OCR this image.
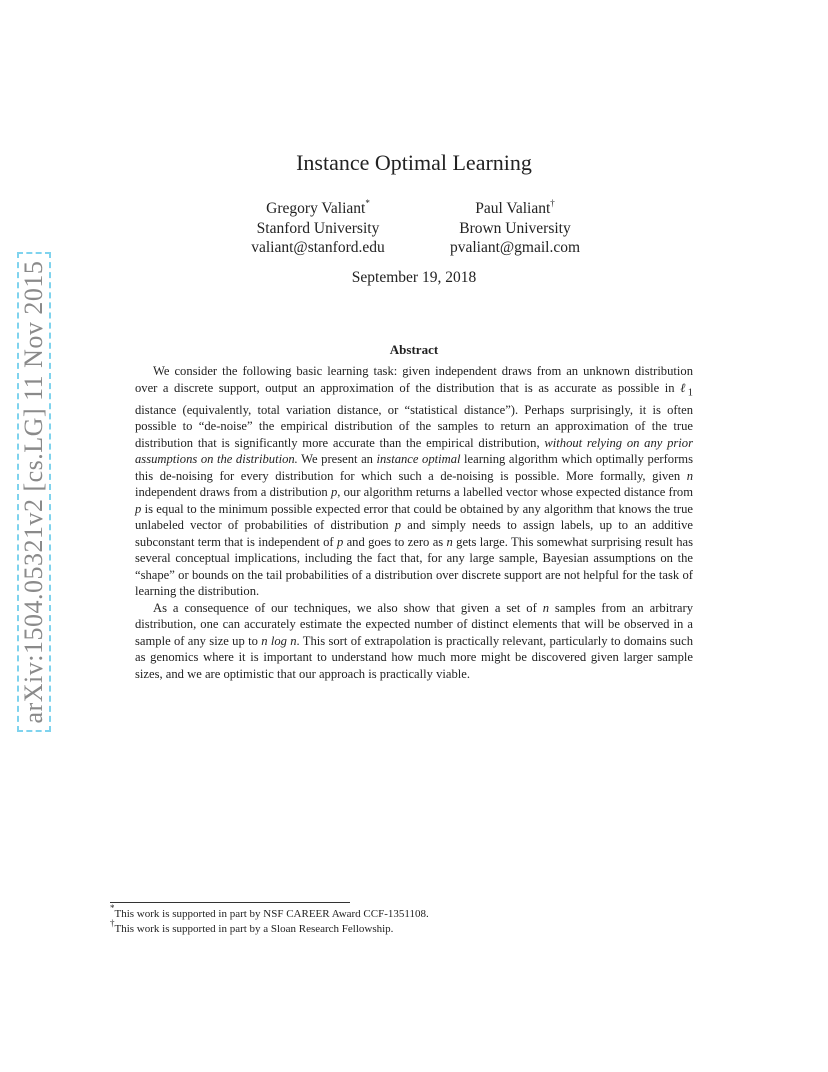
arXiv:1504.05321v2 [cs.LG] 11 Nov 2015
Instance Optimal Learning
Gregory Valiant*
Stanford University
valiant@stanford.edu
Paul Valiant†
Brown University
pvaliant@gmail.com
September 19, 2018
Abstract

We consider the following basic learning task: given independent draws from an unknown distribution over a discrete support, output an approximation of the distribution that is as accurate as possible in ℓ$_1$ distance (equivalently, total variation distance, or “statistical distance”). Perhaps surprisingly, it is often possible to “de-noise” the empirical distribution of the samples to return an approximation of the true distribution that is significantly more accurate than the empirical distribution, without relying on any prior assumptions on the distribution. We present an instance optimal learning algorithm which optimally performs this de-noising for every distribution for which such a de-noising is possible. More formally, given n independent draws from a distribution p, our algorithm returns a labelled vector whose expected distance from p is equal to the minimum possible expected error that could be obtained by any algorithm that knows the true unlabeled vector of probabilities of distribution p and simply needs to assign labels, up to an additive subconstant term that is independent of p and goes to zero as n gets large. This somewhat surprising result has several conceptual implications, including the fact that, for any large sample, Bayesian assumptions on the “shape” or bounds on the tail probabilities of a distribution over discrete support are not helpful for the task of learning the distribution.

As a consequence of our techniques, we also show that given a set of n samples from an arbitrary distribution, one can accurately estimate the expected number of distinct elements that will be observed in a sample of any size up to n log n. This sort of extrapolation is practically relevant, particularly to domains such as genomics where it is important to understand how much more might be discovered given larger sample sizes, and we are optimistic that our approach is practically viable.

*This work is supported in part by NSF CAREER Award CCF-1351108.
†This work is supported in part by a Sloan Research Fellowship.
